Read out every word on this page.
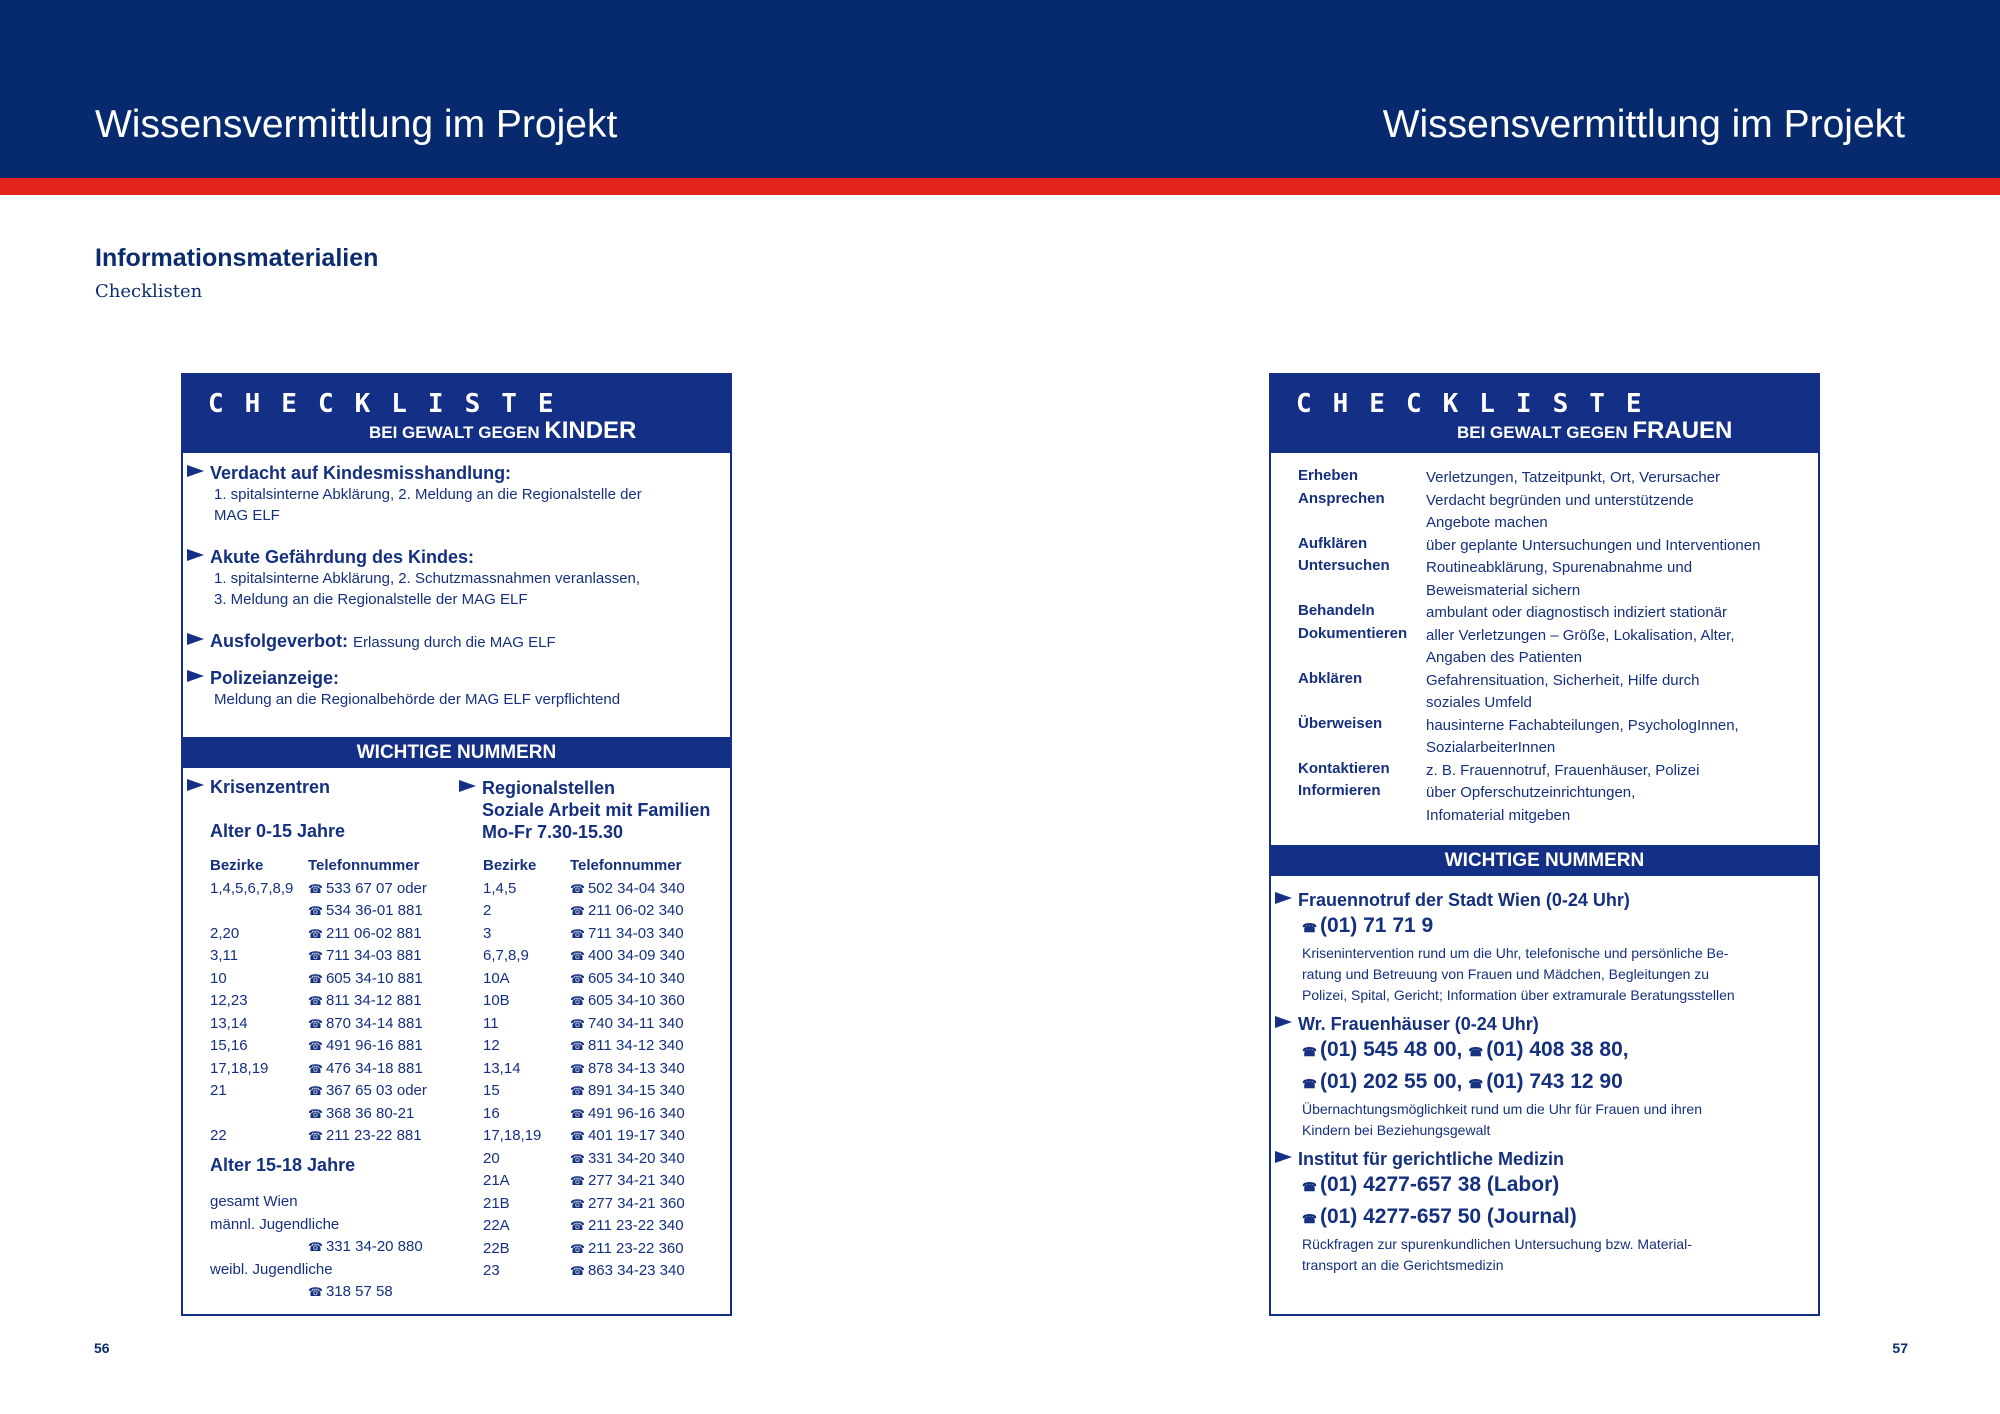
Wissensvermittlung im Projekt	Wissensvermittlung im Projekt
Informationsmaterialien
Checklisten
CHECKLISTE
BEI GEWALT GEGEN KINDER
Verdacht auf Kindesmisshandlung:
1. spitalsinterne Abklärung, 2. Meldung an die Regionalstelle der
MAG ELF
Akute Gefährdung des Kindes:
1. spitalsinterne Abklärung, 2. Schutzmassnahmen veranlassen,
3. Meldung an die Regionalstelle der MAG ELF
Ausfolgeverbot: Erlassung durch die MAG ELF
Polizeianzeige:
Meldung an die Regionalbehörde der MAG ELF verpflichtend
WICHTIGE NUMMERN
Krisenzentren
Alter 0-15 Jahre
Bezirke	Telefonnummer
1,4,5,6,7,8,9	☎ 533 67 07 oder
☎ 534 36-01 881
2,20	☎ 211 06-02 881
3,11	☎ 711 34-03 881
10	☎ 605 34-10 881
12,23	☎ 811 34-12 881
13,14	☎ 870 34-14 881
15,16	☎ 491 96-16 881
17,18,19	☎ 476 34-18 881
21	☎ 367 65 03 oder
☎ 368 36 80-21
22	☎ 211 23-22 881
Alter 15-18 Jahre
gesamt Wien
männl. Jugendliche
☎ 331 34-20 880
weibl. Jugendliche
☎ 318 57 58
Regionalstellen
Soziale Arbeit mit Familien
Mo-Fr 7.30-15.30
Bezirke	Telefonnummer
1,4,5	☎ 502 34-04 340
2	☎ 211 06-02 340
3	☎ 711 34-03 340
6,7,8,9	☎ 400 34-09 340
10A	☎ 605 34-10 340
10B	☎ 605 34-10 360
11	☎ 740 34-11 340
12	☎ 811 34-12 340
13,14	☎ 878 34-13 340
15	☎ 891 34-15 340
16	☎ 491 96-16 340
17,18,19	☎ 401 19-17 340
20	☎ 331 34-20 340
21A	☎ 277 34-21 340
21B	☎ 277 34-21 360
22A	☎ 211 23-22 340
22B	☎ 211 23-22 360
23	☎ 863 34-23 340
CHECKLISTE
BEI GEWALT GEGEN FRAUEN
Erheben	Verletzungen, Tatzeitpunkt, Ort, Verursacher
Ansprechen	Verdacht begründen und unterstützende
Angebote machen
Aufklären	über geplante Untersuchungen und Interventionen
Untersuchen	Routineabklärung, Spurenabnahme und
Beweismaterial sichern
Behandeln	ambulant oder diagnostisch indiziert stationär
Dokumentieren	aller Verletzungen – Größe, Lokalisation, Alter,
Angaben des Patienten
Abklären	Gefahrensituation, Sicherheit, Hilfe durch
soziales Umfeld
Überweisen	hausinterne Fachabteilungen, PsychologInnen,
SozialarbeiterInnen
Kontaktieren	z. B. Frauennotruf, Frauenhäuser, Polizei
Informieren	über Opferschutzeinrichtungen,
Infomaterial mitgeben
WICHTIGE NUMMERN
Frauennotruf der Stadt Wien (0-24 Uhr)
☎ (01) 71 71 9
Krisenintervention rund um die Uhr, telefonische und persönliche Be-
ratung und Betreuung von Frauen und Mädchen, Begleitungen zu
Polizei, Spital, Gericht; Information über extramurale Beratungsstellen
Wr. Frauenhäuser (0-24 Uhr)
☎ (01) 545 48 00, ☎ (01) 408 38 80,
☎ (01) 202 55 00, ☎ (01) 743 12 90
Übernachtungsmöglichkeit rund um die Uhr für Frauen und ihren
Kindern bei Beziehungsgewalt
Institut für gerichtliche Medizin
☎ (01) 4277-657 38 (Labor)
☎ (01) 4277-657 50 (Journal)
Rückfragen zur spurenkundlichen Untersuchung bzw. Material-
transport an die Gerichtsmedizin
56	57
